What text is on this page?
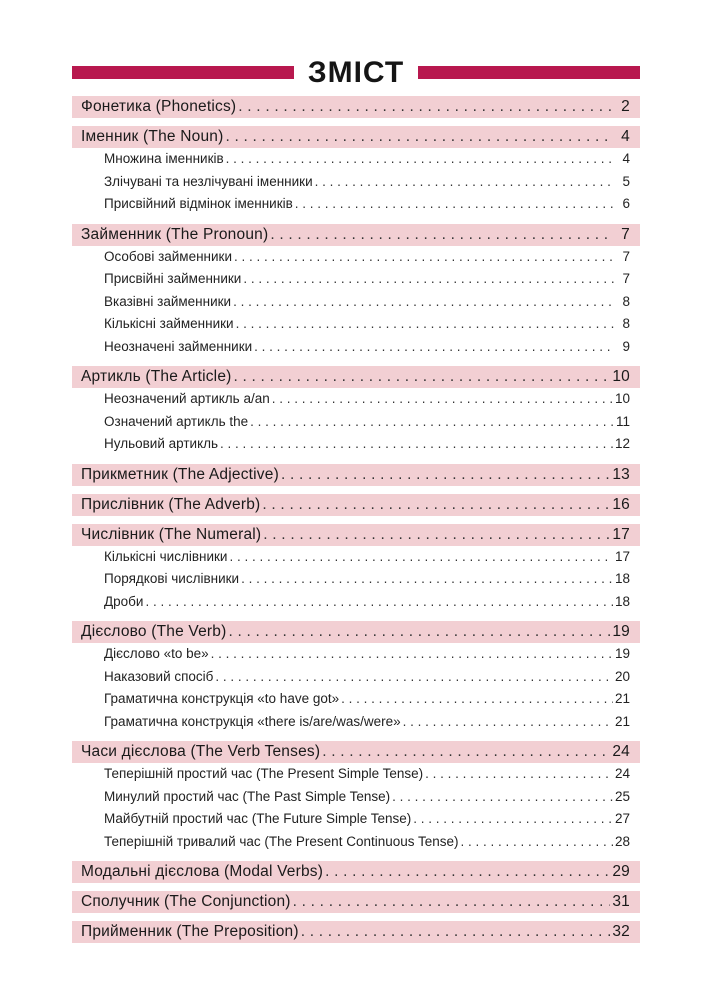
ЗМІСТ
Фонетика (Phonetics) . . .	2
Іменник (The Noun) . . .	4
Множина іменників . . .	4
Злічувані та незлічувані іменники . . .	5
Присвійний відмінок іменників . . .	6
Займенник (The Pronoun) . . .	7
Особові займенники . . .	7
Присвійні займенники . . .	7
Вказівні займенники . . .	8
Кількісні займенники . . .	8
Неозначені займенники . . .	9
Артикль (The Article) . . .	10
Неозначений артикль a/an . . .	10
Означений артикль the . . .	11
Нульовий артикль . . .	12
Прикметник (The Adjective) . . .	13
Прислівник (The Adverb) . . .	16
Числівник (The Numeral) . . .	17
Кількісні числівники . . .	17
Порядкові числівники . . .	18
Дроби . . .	18
Дієслово (The Verb) . . .	19
Дієслово «to be» . . .	19
Наказовий спосіб . . .	20
Граматична конструкція «to have got» . . .	21
Граматична конструкція «there is/are/was/were» . . .	21
Часи дієслова (The Verb Tenses) . . .	24
Теперішній простий час (The Present Simple Tense) . . .	24
Минулий простий час (The Past Simple Tense) . . .	25
Майбутній простий час (The Future Simple Tense) . . .	27
Теперішній тривалий час (The Present Continuous Tense) . . .	28
Модальні дієслова (Modal Verbs) . . .	29
Сполучник (The Conjunction) . . .	31
Прийменник (The Preposition) . . .	32
